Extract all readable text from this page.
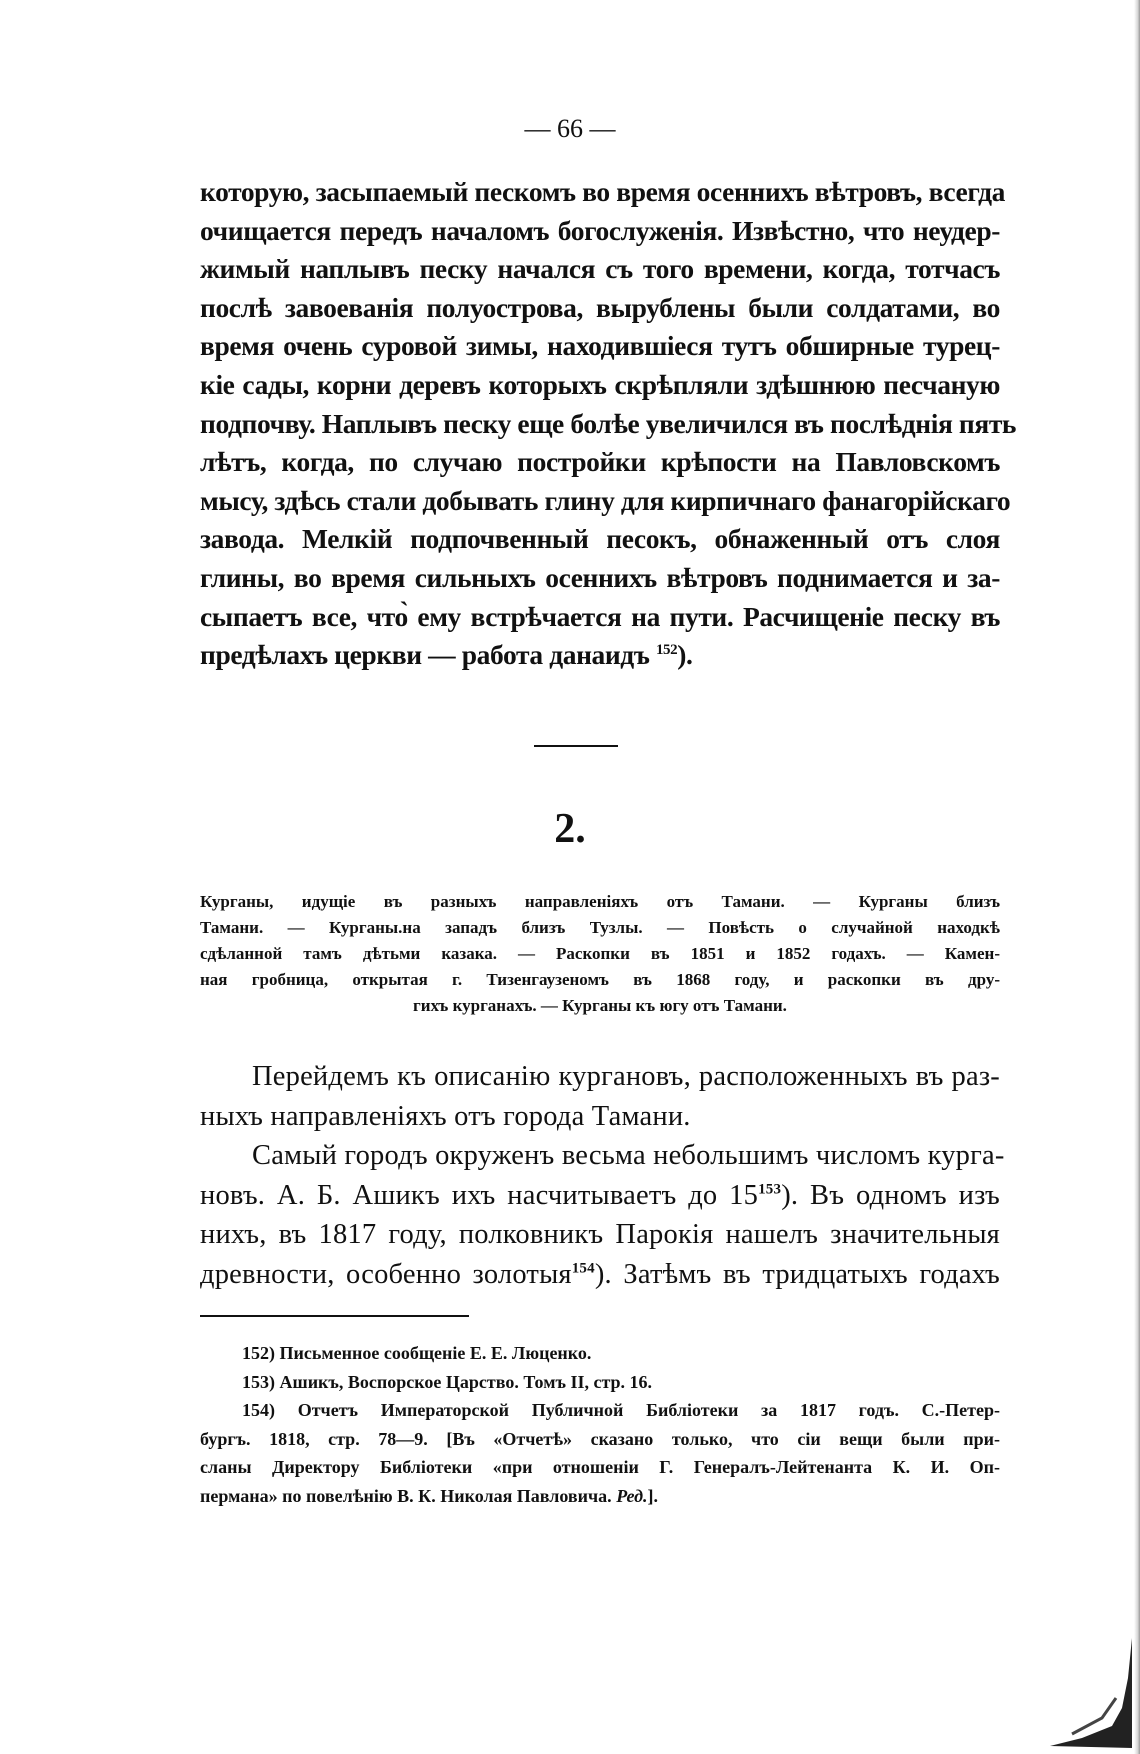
— 66 —
которую, засыпаемый пескомъ во время осеннихъ вѣтровъ, всегда
очищается передъ началомъ богослуженія. Извѣстно, что неудер-
жимый наплывъ песку начался съ того времени, когда, тотчасъ
послѣ завоеванія полуострова, вырублены были солдатами, во
время очень суровой зимы, находившіеся тутъ обширные турец-
кіе сады, корни деревъ которыхъ скрѣпляли здѣшнюю песчаную
подпочву. Наплывъ песку еще болѣе увеличился въ послѣднія пять
лѣтъ, когда, по случаю постройки крѣпости на Павловскомъ
мысу, здѣсь стали добывать глину для кирпичнаго фанагорійскаго
завода. Мелкій подпочвенный песокъ, обнаженный отъ слоя
глины, во время сильныхъ осеннихъ вѣтровъ поднимается и за-
сыпаетъ все, что̀ ему встрѣчается на пути. Расчищеніе песку въ
предѣлахъ церкви — работа данаидъ $^{152}$).
2.
Курганы, идущіе въ разныхъ направленіяхъ отъ Тамани. — Курганы близъ
Тамани. — Курганы.на западъ близъ Тузлы. — Повѣсть о случайной находкѣ
сдѣланной тамъ дѣтьми казака. — Раскопки въ 1851 и 1852 годахъ. — Камен-
ная гробница, открытая г. Тизенгаузеномъ въ 1868 году, и раскопки въ дру-
гихъ курганахъ. — Курганы къ югу отъ Тамани.
Перейдемъ къ описанію кургановъ, расположенныхъ въ раз-
ныхъ направленіяхъ отъ города Тамани.
Самый городъ окруженъ весьма небольшимъ числомъ курга-
новъ. А. Б. Ашикъ ихъ насчитываетъ до $15^{153}$). Въ одномъ изъ
нихъ, въ 1817 году, полковникъ Парокія нашелъ значительныя
древности, особенно золотыя$^{154}$). Затѣмъ въ тридцатыхъ годахъ
152) Письменное сообщеніе Е. Е. Люценко.
153) Ашикъ, Воспорское Царство. Томъ II, стр. 16.
154) Отчетъ Императорской Публичной Библіотеки за 1817 годъ. С.-Петер-
бургъ. 1818, стр. 78—9. [Въ «Отчетѣ» сказано только, что сіи вещи были при-
сланы Директору Библіотеки «при отношеніи Г. Генералъ-Лейтенанта К. И. Оп-
пермана» по повелѣнію В. К. Николая Павловича. Ред.].
